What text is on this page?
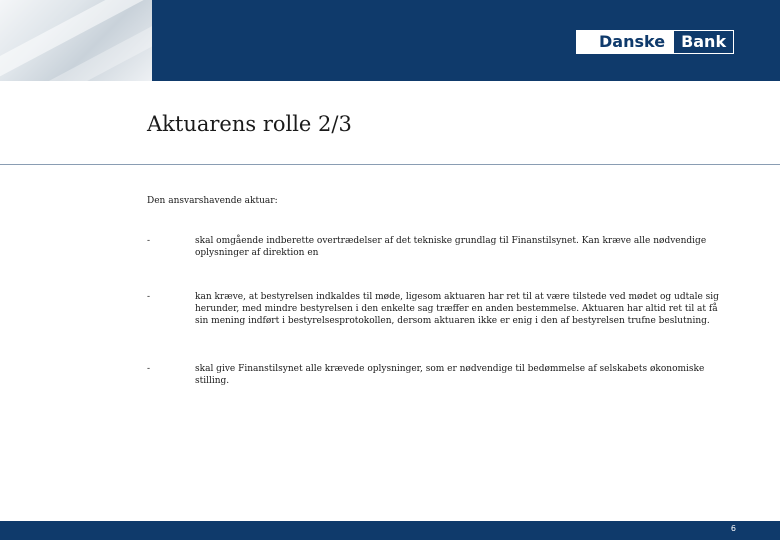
Danske	Bank
Aktuarens rolle 2/3

Den ansvarshavende aktuar:

-	skal omgående indberette overtrædelser af det tekniske grundlag til Finanstilsynet. Kan kræve alle nødvendige oplysninger af direktion en
-	kan kræve, at bestyrelsen indkaldes til møde, ligesom aktuaren har ret til at være tilstede ved mødet og udtale sig herunder, med mindre bestyrelsen i den enkelte sag træffer en anden bestemmelse. Aktuaren har altid ret til at få sin mening indført i bestyrelsesprotokollen, dersom aktuaren ikke er enig i den af bestyrelsen trufne beslutning.
-	skal give Finanstilsynet alle krævede oplysninger, som er nødvendige til bedømmelse af selskabets økonomiske stilling.
6
